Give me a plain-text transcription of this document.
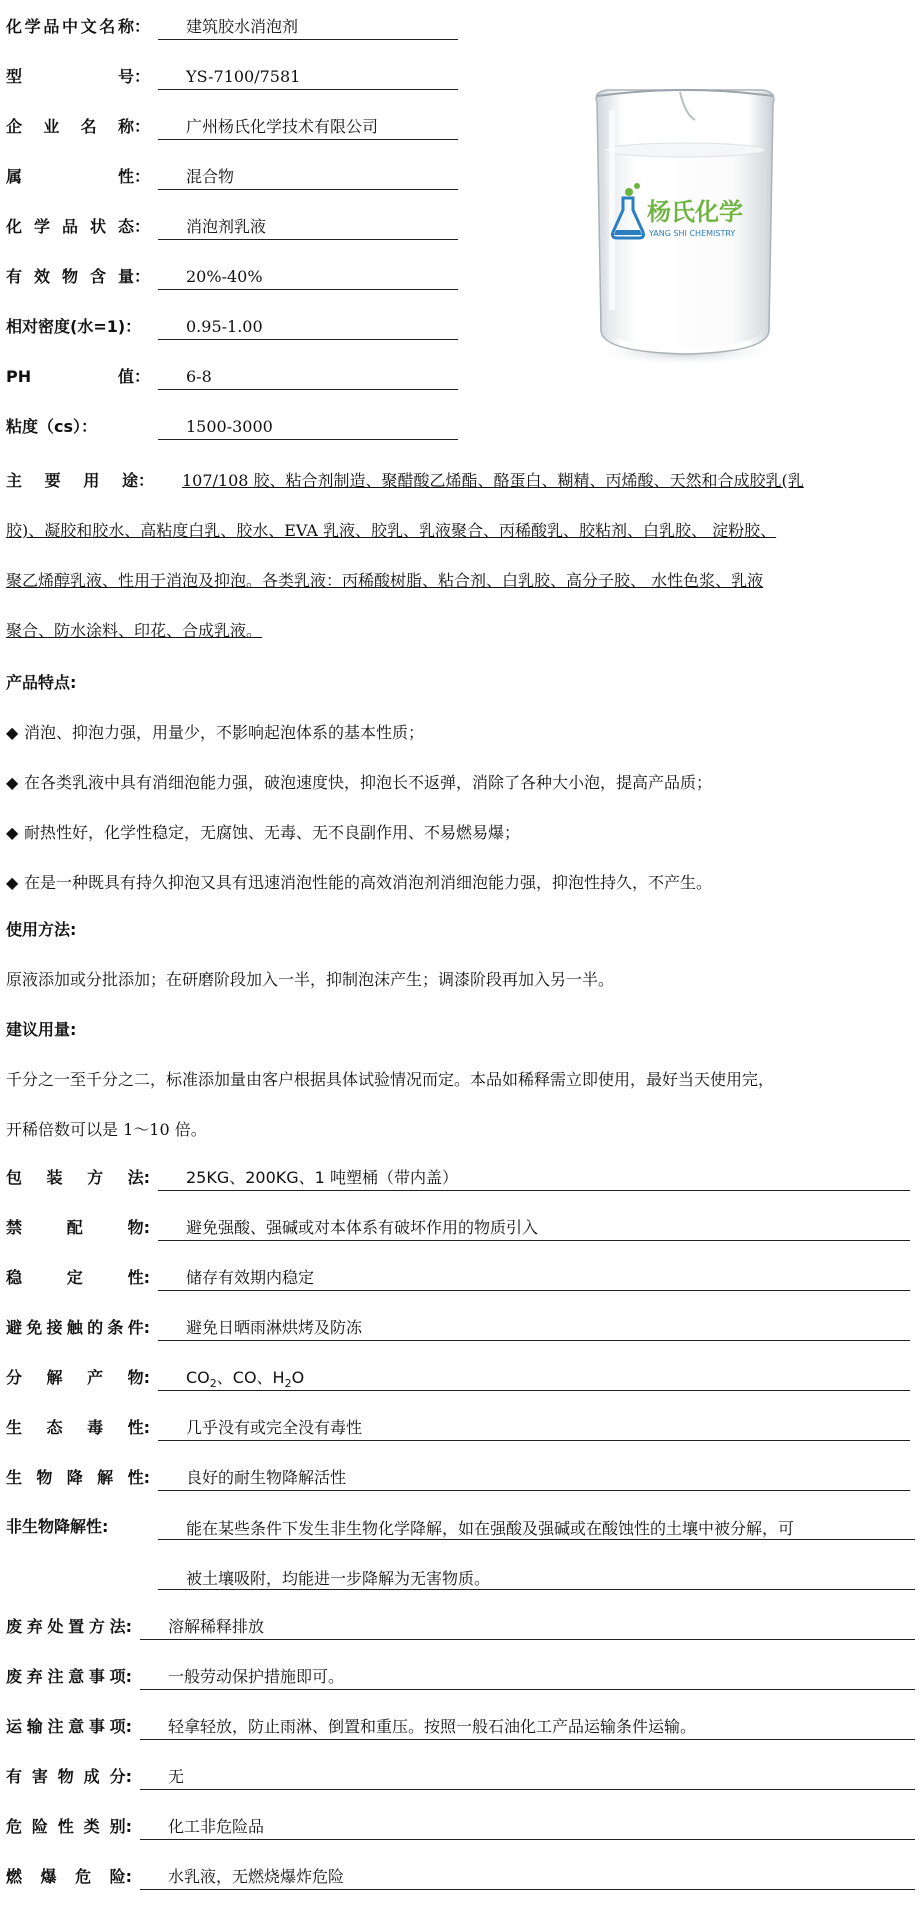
化 学 品 中 文 名 称：	建筑胶水消泡剂
型	号：	YS-7100/7581
企 业 名 称：	广州杨氏化学技术有限公司
属	性：	混合物
化 学 品 状 态：	消泡剂乳液
有 效 物 含 量：	20%-40%
相对密度(水=1)：	0.95-1.00
PH	值：	6-8
粘度（cs）：	1500-3000
杨氏化学
YANG SHI CHEMISTRY
主 要 用 途： 107/108 胶、粘合剂制造、聚醋酸乙烯酯、酪蛋白、糊精、丙烯酸、天然和合成胶乳(乳
胶)、凝胶和胶水、高粘度白乳、胶水、EVA 乳液、胶乳、乳液聚合、丙稀酸乳、胶粘剂、白乳胶、 淀粉胶、
聚乙烯醇乳液、性用于消泡及抑泡。各类乳液：丙稀酸树脂、粘合剂、白乳胶、高分子胶、 水性色浆、乳液
聚合、防水涂料、印花、合成乳液。
产品特点:
◆ 消泡、抑泡力强，用量少，不影响起泡体系的基本性质；
◆ 在各类乳液中具有消细泡能力强，破泡速度快，抑泡长不返弹，消除了各种大小泡，提高产品质；
◆ 耐热性好，化学性稳定，无腐蚀、无毒、无不良副作用、不易燃易爆；
◆ 在是一种既具有持久抑泡又具有迅速消泡性能的高效消泡剂消细泡能力强，抑泡性持久，不产生。
使用方法:
原液添加或分批添加；在研磨阶段加入一半，抑制泡沫产生；调漆阶段再加入另一半。
建议用量:
千分之一至千分之二，标准添加量由客户根据具体试验情况而定。本品如稀释需立即使用，最好当天使用完，
开稀倍数可以是 1～10 倍。
包 装 方 法:	25KG、200KG、1 吨塑桶（带内盖）
禁	配	物:	避免强酸、强碱或对本体系有破坏作用的物质引入
稳	定	性:	储存有效期内稳定
避 免 接 触 的 条 件:	避免日晒雨淋烘烤及防冻
分 解 产 物:	$CO_2$、CO、$H_2O$
生 态 毒 性:	几乎没有或完全没有毒性
生 物 降 解 性:	良好的耐生物降解活性
非生物降解性:	能在某些条件下发生非生物化学降解，如在强酸及强碱或在酸蚀性的土壤中被分解，可
被土壤吸附，均能进一步降解为无害物质。
废 弃 处 置 方 法:	溶解稀释排放
废 弃 注 意 事 项:	一般劳动保护措施即可。
运 输 注 意 事 项:	轻拿轻放，防止雨淋、倒置和重压。按照一般石油化工产品运输条件运输。
有 害 物 成 分:	无
危 险 性 类 别:	化工非危险品
燃 爆 危 险:	水乳液，无燃烧爆炸危险
